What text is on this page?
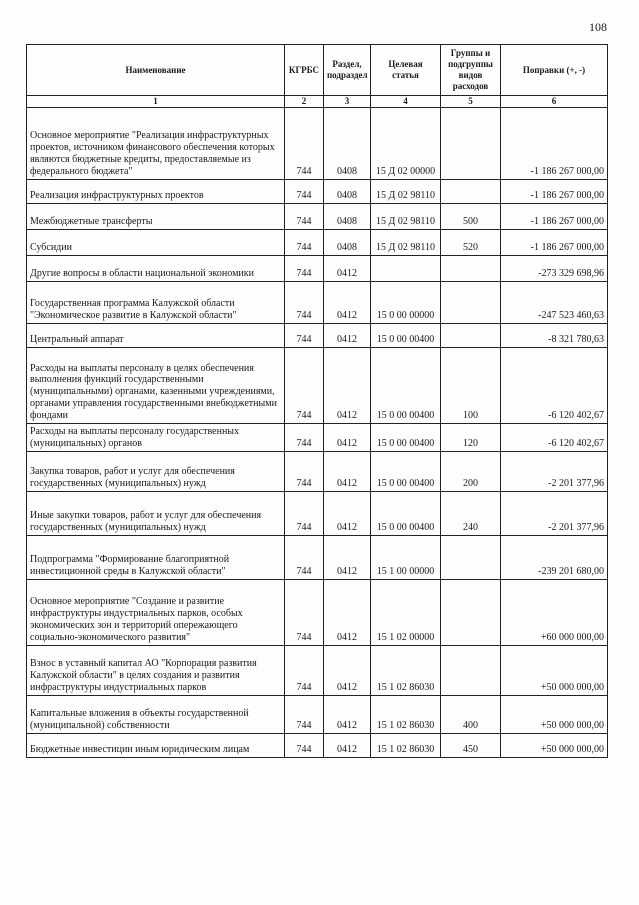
108
Наименование	КГРБС	Раздел, подраздел	Целевая статья	Группы и подгруппы видов расходов	Поправки (+, -)
1	2	3	4	5	6
Основное мероприятие "Реализация инфраструктурных проектов, источником финансового обеспечения которых являются бюджетные кредиты, предоставляемые из федерального бюджета"	744	0408	15 Д 02 00000		-1 186 267 000,00
Реализация инфраструктурных проектов	744	0408	15 Д 02 98110		-1 186 267 000,00
Межбюджетные трансферты	744	0408	15 Д 02 98110	500	-1 186 267 000,00
Субсидии	744	0408	15 Д 02 98110	520	-1 186 267 000,00
Другие вопросы в области национальной экономики	744	0412			-273 329 698,96
Государственная программа Калужской области "Экономическое развитие в Калужской области"	744	0412	15 0 00 00000		-247 523 460,63
Центральный аппарат	744	0412	15 0 00 00400		-8 321 780,63
Расходы на выплаты персоналу в целях обеспечения выполнения функций государственными (муниципальными) органами, казенными учреждениями, органами управления государственными внебюджетными фондами	744	0412	15 0 00 00400	100	-6 120 402,67
Расходы на выплаты персоналу государственных (муниципальных) органов	744	0412	15 0 00 00400	120	-6 120 402,67
Закупка товаров, работ и услуг для обеспечения государственных (муниципальных) нужд	744	0412	15 0 00 00400	200	-2 201 377,96
Иные закупки товаров, работ и услуг для обеспечения государственных (муниципальных) нужд	744	0412	15 0 00 00400	240	-2 201 377,96
Подпрограмма "Формирование благоприятной инвестиционной среды в Калужской области"	744	0412	15 1 00 00000		-239 201 680,00
Основное мероприятие "Создание и развитие инфраструктуры индустриальных парков, особых экономических зон и территорий опережающего социально-экономического развития"	744	0412	15 1 02 00000		+60 000 000,00
Взнос в уставный капитал АО "Корпорация развития Калужской области" в целях создания и развития инфраструктуры индустриальных парков	744	0412	15 1 02 86030		+50 000 000,00
Капитальные вложения в объекты государственной (муниципальной) собственности	744	0412	15 1 02 86030	400	+50 000 000,00
Бюджетные инвестиции иным юридическим лицам	744	0412	15 1 02 86030	450	+50 000 000,00
